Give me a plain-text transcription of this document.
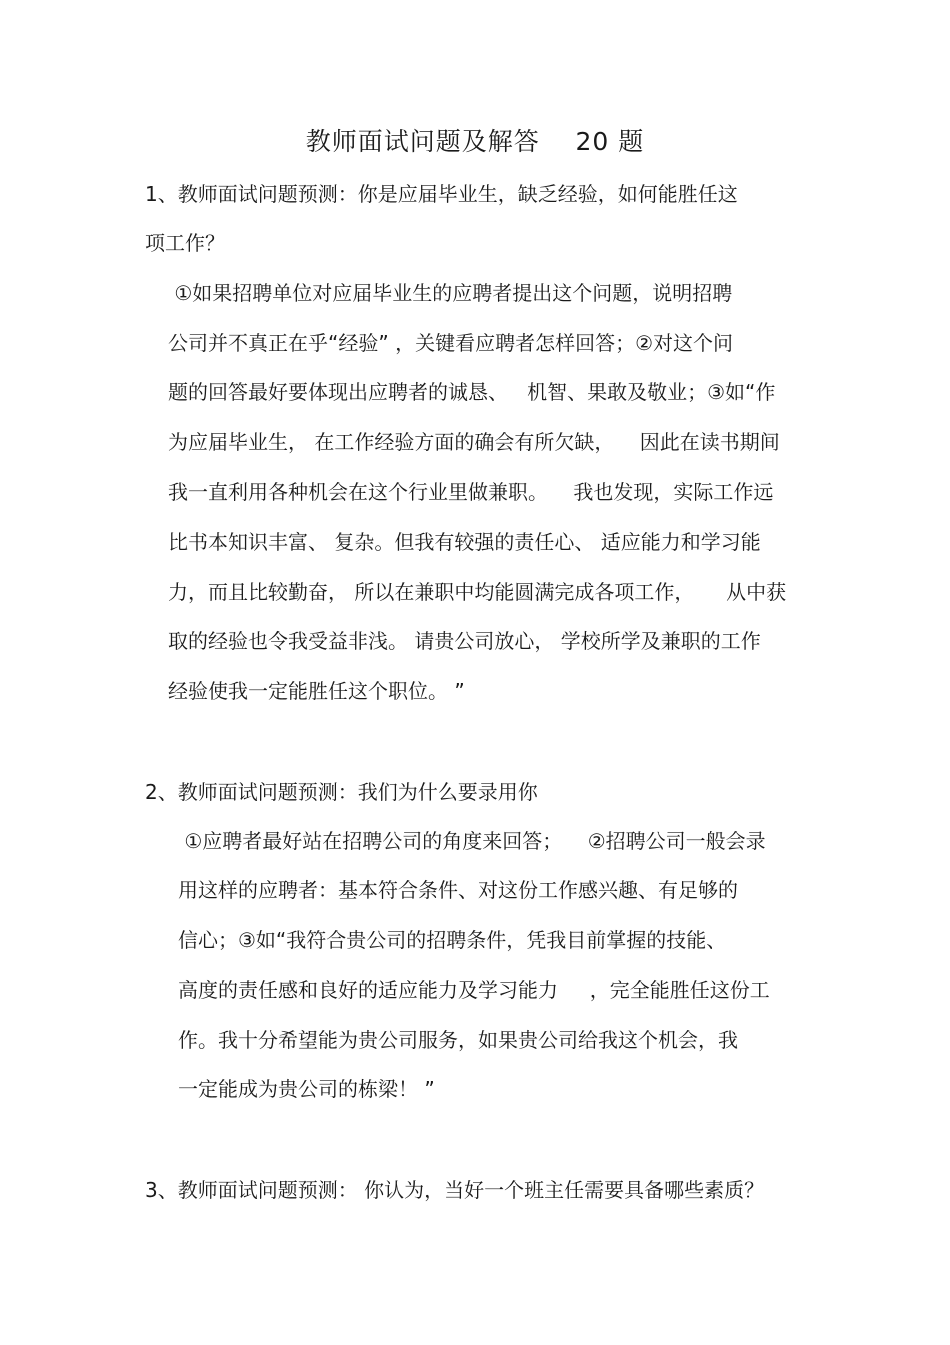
教师面试问题及解答    20 题
1、教师面试问题预测：你是应届毕业生，缺乏经验，如何能胜任这
项工作？
①如果招聘单位对应届毕业生的应聘者提出这个问题，说明招聘
公司并不真正在乎“经验” ，关键看应聘者怎样回答；②对这个问
题的回答最好要体现出应聘者的诚恳、   机智、果敢及敬业；③如“作
为应届毕业生， 在工作经验方面的确会有所欠缺，    因此在读书期间
我一直利用各种机会在这个行业里做兼职。    我也发现，实际工作远
比书本知识丰富、 复杂。但我有较强的责任心、 适应能力和学习能
力，而且比较勤奋， 所以在兼职中均能圆满完成各项工作，     从中获
取的经验也令我受益非浅。 请贵公司放心， 学校所学及兼职的工作
经验使我一定能胜任这个职位。 ”
2、教师面试问题预测：我们为什么要录用你
①应聘者最好站在招聘公司的角度来回答；    ②招聘公司一般会录
用这样的应聘者：基本符合条件、对这份工作感兴趣、有足够的
信心；③如“我符合贵公司的招聘条件，凭我目前掌握的技能、
高度的责任感和良好的适应能力及学习能力     ，完全能胜任这份工
作。我十分希望能为贵公司服务，如果贵公司给我这个机会，我
一定能成为贵公司的栋梁！ ”
3、教师面试问题预测： 你认为，当好一个班主任需要具备哪些素质？
